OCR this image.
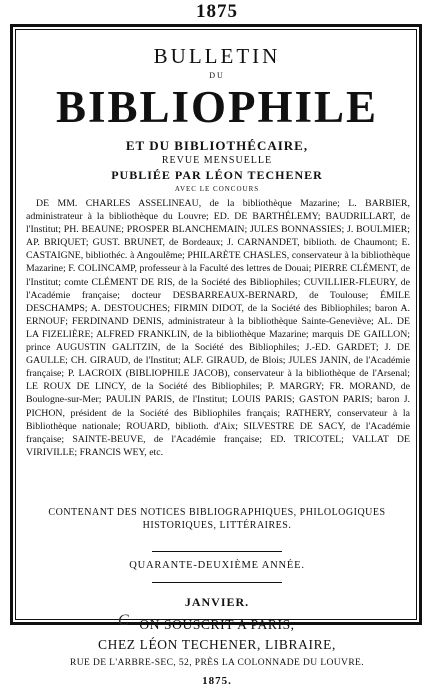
1875
BULLETIN
DU
BIBLIOPHILE
ET DU BIBLIOTHÉCAIRE,
REVUE MENSUELLE
PUBLIÉE PAR LÉON TECHENER
AVEC LE CONCOURS
DE MM. CHARLES ASSELINEAU, de la bibliothèque Mazarine; L. BARBIER, administrateur à la bibliothèque du Louvre; ED. DE BARTHÉLEMY; BAUDRILLART, de l'Institut; PH. BEAUNE; PROSPER BLANCHEMAIN; JULES BONNASSIES; J. BOULMIER; AP. BRIQUET; GUST. BRUNET, de Bordeaux; J. CARNANDET, biblioth. de Chaumont; E. CASTAIGNE, bibliothéc. à Angoulême; PHILARÈTE CHASLES, conservateur à la bibliothèque Mazarine; F. COLINCAMP, professeur à la Faculté des lettres de Douai; PIERRE CLÉMENT, de l'Institut; comte CLÉMENT DE RIS, de la Société des Bibliophiles; CUVILLIER-FLEURY, de l'Académie française; docteur DESBARREAUX-BERNARD, de Toulouse; ÉMILE DESCHAMPS; A. DESTOUCHES; FIRMIN DIDOT, de la Société des Bibliophiles; baron A. ERNOUF; FERDINAND DENIS, administrateur à la bibliothèque Sainte-Geneviève; AL. DE LA FIZELIÈRE; ALFRED FRANKLIN, de la bibliothèque Mazarine; marquis DE GAILLON; prince AUGUSTIN GALITZIN, de la Société des Bibliophiles; J.-ED. GARDET; J. DE GAULLE; CH. GIRAUD, de l'Institut; ALF. GIRAUD, de Blois; JULES JANIN, de l'Académie française; P. LACROIX (BIBLIOPHILE JACOB), conservateur à la bibliothèque de l'Arsenal; LE ROUX DE LINCY, de la Société des Bibliophiles; P. MARGRY; FR. MORAND, de Boulogne-sur-Mer; PAULIN PARIS, de l'Institut; LOUIS PARIS; GASTON PARIS; baron J. PICHON, président de la Société des Bibliophiles français; RATHERY, conservateur à la Bibliothèque nationale; ROUARD, biblioth. d'Aix; SILVESTRE DE SACY, de l'Académie française; SAINTE-BEUVE, de l'Académie française; ED. TRICOTEL; VALLAT DE VIRIVILLE; FRANCIS WEY, etc.
CONTENANT DES NOTICES BIBLIOGRAPHIQUES, PHILOLOGIQUES HISTORIQUES, LITTÉRAIRES.
QUARANTE-DEUXIÈME ANNÉE.
JANVIER.
C ON SOUSCRIT A PARIS,
CHEZ LÉON TECHENER, LIBRAIRE,
RUE DE L'ARBRE-SEC, 52, PRÈS LA COLONNADE DU LOUVRE.
1875.
